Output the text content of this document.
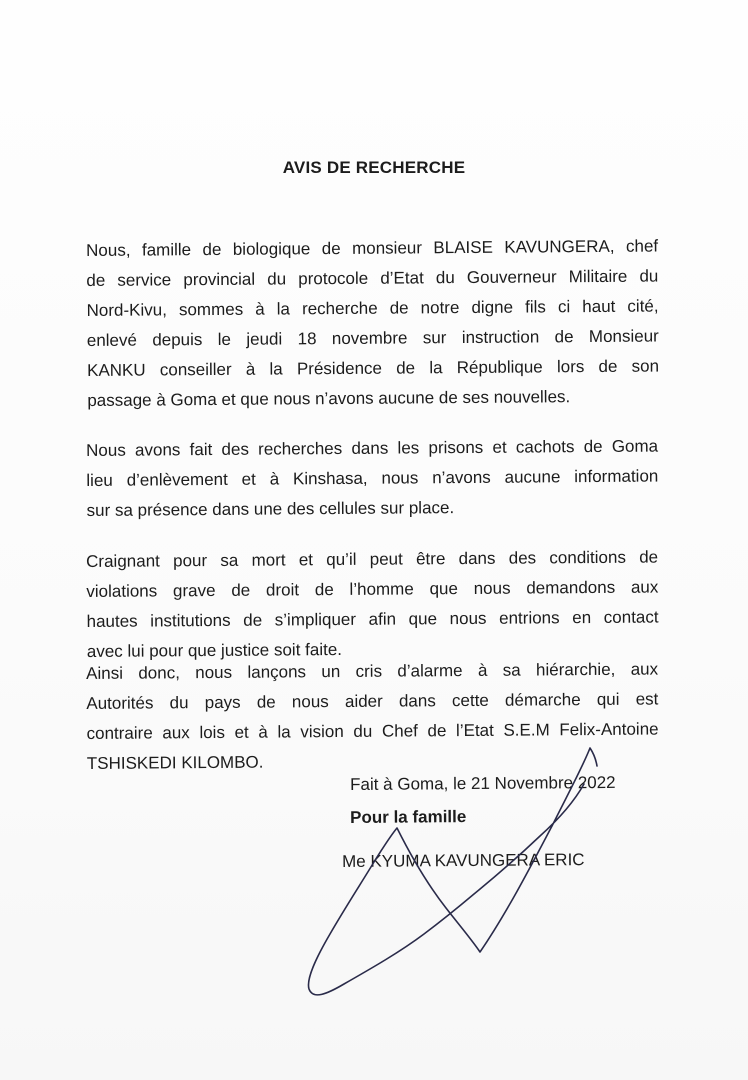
AVIS DE RECHERCHE
Nous, famille de biologique de monsieur BLAISE KAVUNGERA, chef
de service provincial du protocole d’Etat du Gouverneur Militaire du
Nord-Kivu, sommes à la recherche de notre digne fils ci haut cité,
enlevé depuis le jeudi 18 novembre sur instruction de Monsieur
KANKU conseiller à la Présidence de la République lors de son
passage à Goma et que nous n’avons aucune de ses nouvelles.
Nous avons fait des recherches dans les prisons et cachots de Goma
lieu d’enlèvement et à Kinshasa, nous n’avons aucune information
sur sa présence dans une des cellules sur place.
Craignant pour sa mort et qu’il peut être dans des conditions de
violations grave de droit de l’homme que nous demandons aux
hautes institutions de s’impliquer afin que nous entrions en contact
avec lui pour que justice soit faite.
Ainsi donc, nous lançons un cris d’alarme à sa hiérarchie, aux
Autorités du pays de nous aider dans cette démarche qui est
contraire aux lois et à la vision du Chef de l’Etat S.E.M Felix-Antoine
TSHISKEDI KILOMBO.
Fait à Goma, le 21 Novembre 2022
Pour la famille
Me KYUMA KAVUNGERA ERIC
